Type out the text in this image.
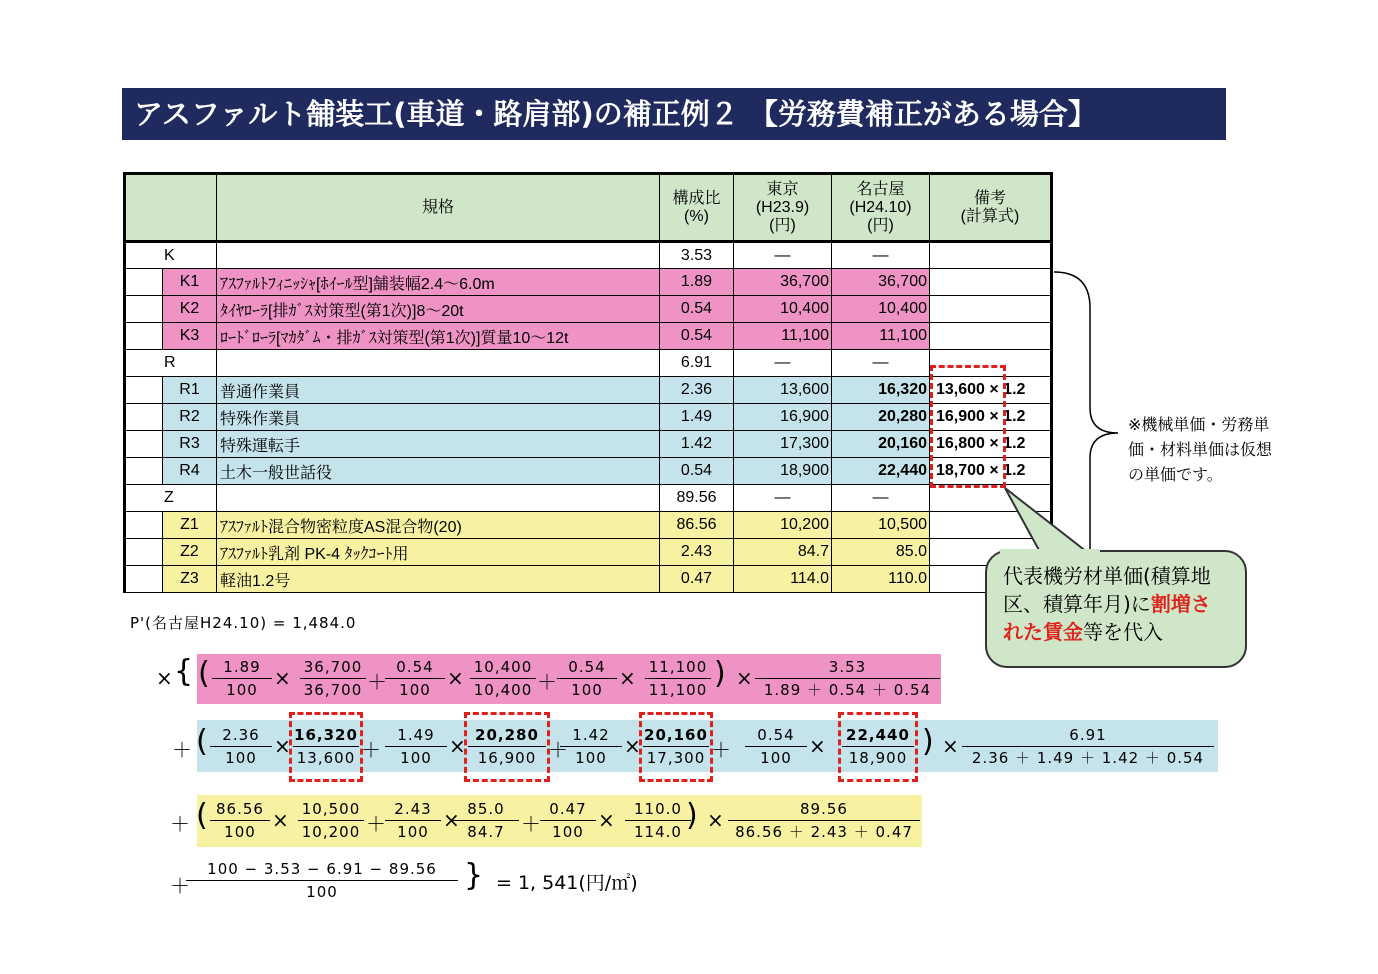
アスファルト舗装工(車道・路肩部)の補正例２ 【労務費補正がある場合】
	規格	構成比
(%)	東京
(H23.9)
(円)	名古屋
(H24.10)
(円)	備考
(計算式)
K		3.53	―	―	

K1	ｱｽﾌｧﾙﾄﾌｨﾆｯｼｬ[ﾎｲｰﾙ型]舗装幅2.4～6.0m	1.89	36,700	36,700	

K2	ﾀｲﾔﾛｰﾗ[排ｶﾞｽ対策型(第1次)]8～20t	0.54	10,400	10,400	

K3	ﾛｰﾄﾞﾛｰﾗ[ﾏｶﾀﾞﾑ・排ｶﾞｽ対策型(第1次)]質量10～12t	0.54	11,100	11,100	
R		6.91	―	―	

R1	普通作業員	2.36	13,600	16,320	13,600 × 1.2

R2	特殊作業員	1.49	16,900	20,280	16,900 × 1.2

R3	特殊運転手	1.42	17,300	20,160	16,800 × 1.2

R4	土木一般世話役	0.54	18,900	22,440	18,700 × 1.2
Z		89.56	―	―	

Z1	ｱｽﾌｧﾙﾄ混合物密粒度AS混合物(20)	86.56	10,200	10,500	

Z2	ｱｽﾌｧﾙﾄ乳剤 PK-4 ﾀｯｸｺｰﾄ用	2.43	84.7	85.0	

Z3	軽油1.2号	0.47	114.0	110.0	
※機械単価・労務単価・材料単価は仮想の単価です。
代表機労材単価(積算地区、積算年月)に割増された賃金等を代入
P'(名古屋H24.10) = 1,484.0
× { ( $\frac{1.89}{100} \times \frac{36,700}{36,700}$ ＋
$\frac{0.54}{100} \times \frac{10,400}{10,400} + \frac{0.54}{100} \times \frac{11,100}{11,100}$ ) × $\frac{3.53}{1.89 + 0.54 + 0.54}$
＋ ( $\frac{2.36}{100} \times \frac{16,320}{13,600} + \frac{1.49}{100} \times \frac{20,280}{16,900}$ ＋
$\frac{1.42}{100} \times \frac{20,160}{17,300} + \frac{0.54}{100} \times \frac{22,440}{18,900}$ ) × $\frac{6.91}{2.36 + 1.49 + 1.42 + 0.54}$
＋ ( $\frac{86.56}{100} \times \frac{10,500}{10,200} + \frac{2.43}{100}$ ×
$\frac{85.0}{84.7} + \frac{0.47}{100} \times \frac{110.0}{114.0}$
) × $\frac{89.56}{86.56 + 2.43 + 0.47}$
＋
$\frac{100 - 3.53 - 6.91 - 89.56}{100}$ } = 1, 541(円/㎡)
